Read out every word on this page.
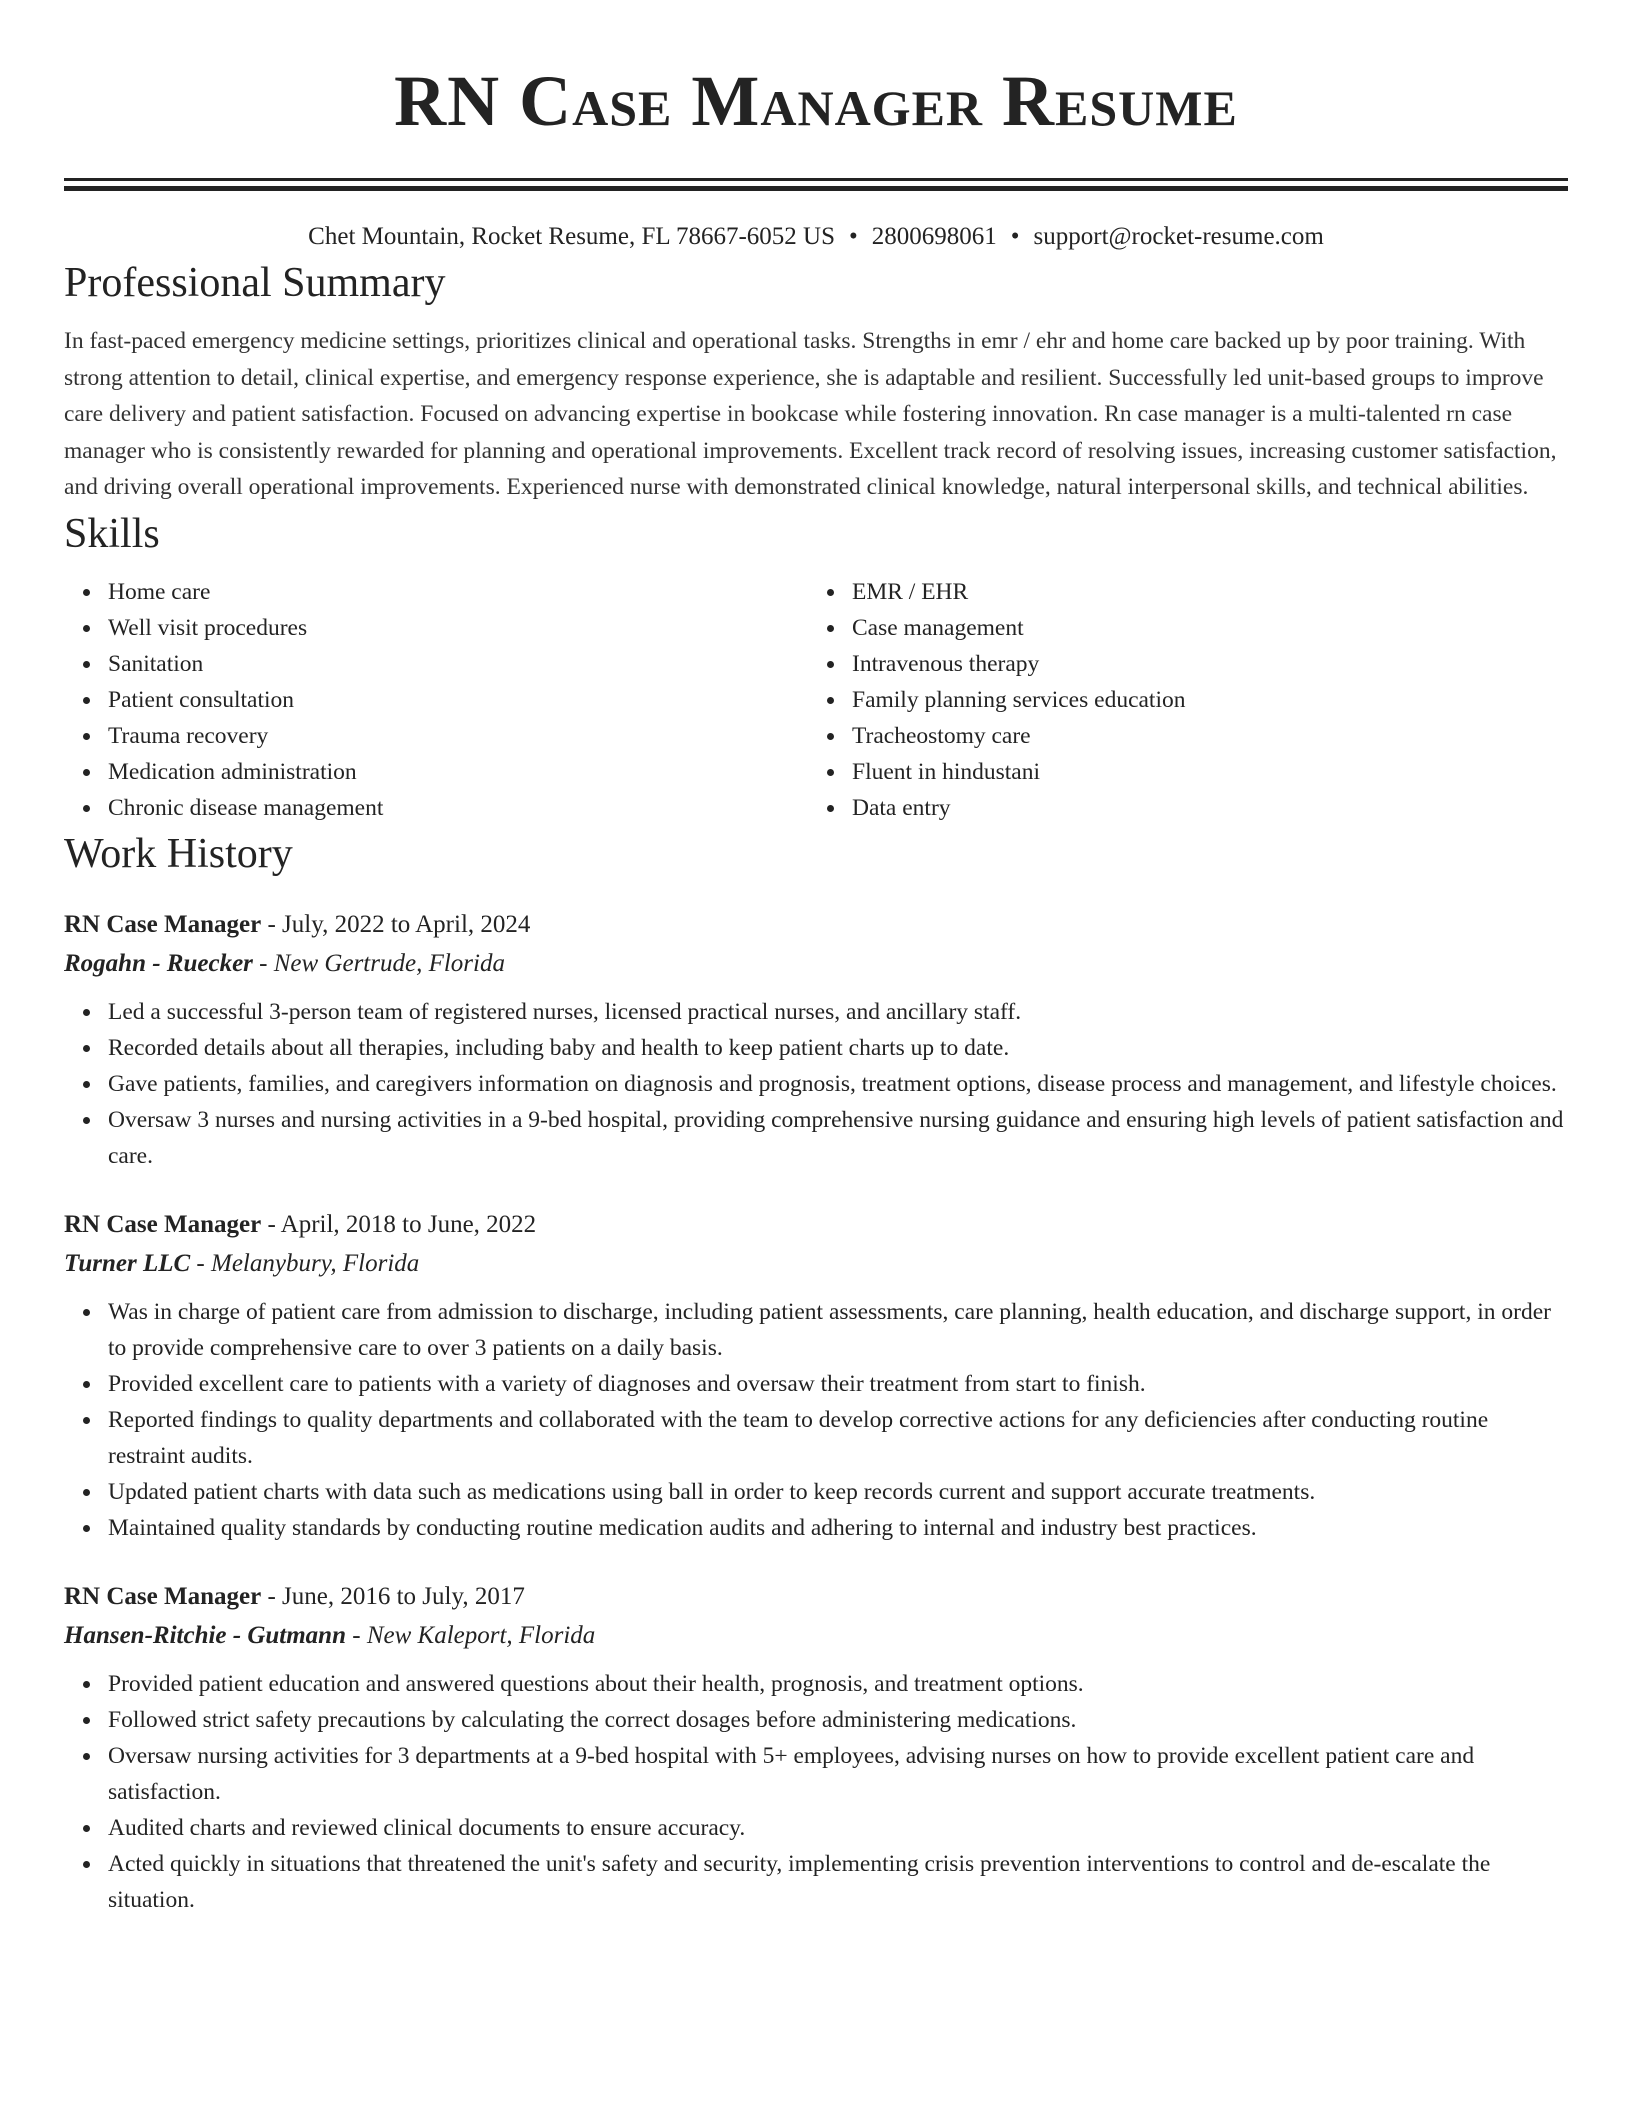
RN Case Manager Resume
Chet Mountain, Rocket Resume, FL 78667-6052 US • 2800698061 • support@rocket-resume.com
Professional Summary
In fast-paced emergency medicine settings, prioritizes clinical and operational tasks. Strengths in emr / ehr and home care backed up by poor training. With strong attention to detail, clinical expertise, and emergency response experience, she is adaptable and resilient. Successfully led unit-based groups to improve care delivery and patient satisfaction. Focused on advancing expertise in bookcase while fostering innovation. Rn case manager is a multi-talented rn case manager who is consistently rewarded for planning and operational improvements. Excellent track record of resolving issues, increasing customer satisfaction, and driving overall operational improvements. Experienced nurse with demonstrated clinical knowledge, natural interpersonal skills, and technical abilities.
Skills
Home care
Well visit procedures
Sanitation
Patient consultation
Trauma recovery
Medication administration
Chronic disease management
EMR / EHR
Case management
Intravenous therapy
Family planning services education
Tracheostomy care
Fluent in hindustani
Data entry
Work History
RN Case Manager - July, 2022 to April, 2024
Rogahn - Ruecker - New Gertrude, Florida
Led a successful 3-person team of registered nurses, licensed practical nurses, and ancillary staff.
Recorded details about all therapies, including baby and health to keep patient charts up to date.
Gave patients, families, and caregivers information on diagnosis and prognosis, treatment options, disease process and management, and lifestyle choices.
Oversaw 3 nurses and nursing activities in a 9-bed hospital, providing comprehensive nursing guidance and ensuring high levels of patient satisfaction and care.
RN Case Manager - April, 2018 to June, 2022
Turner LLC - Melanybury, Florida
Was in charge of patient care from admission to discharge, including patient assessments, care planning, health education, and discharge support, in order to provide comprehensive care to over 3 patients on a daily basis.
Provided excellent care to patients with a variety of diagnoses and oversaw their treatment from start to finish.
Reported findings to quality departments and collaborated with the team to develop corrective actions for any deficiencies after conducting routine restraint audits.
Updated patient charts with data such as medications using ball in order to keep records current and support accurate treatments.
Maintained quality standards by conducting routine medication audits and adhering to internal and industry best practices.
RN Case Manager - June, 2016 to July, 2017
Hansen-Ritchie - Gutmann - New Kaleport, Florida
Provided patient education and answered questions about their health, prognosis, and treatment options.
Followed strict safety precautions by calculating the correct dosages before administering medications.
Oversaw nursing activities for 3 departments at a 9-bed hospital with 5+ employees, advising nurses on how to provide excellent patient care and satisfaction.
Audited charts and reviewed clinical documents to ensure accuracy.
Acted quickly in situations that threatened the unit's safety and security, implementing crisis prevention interventions to control and de-escalate the situation.
